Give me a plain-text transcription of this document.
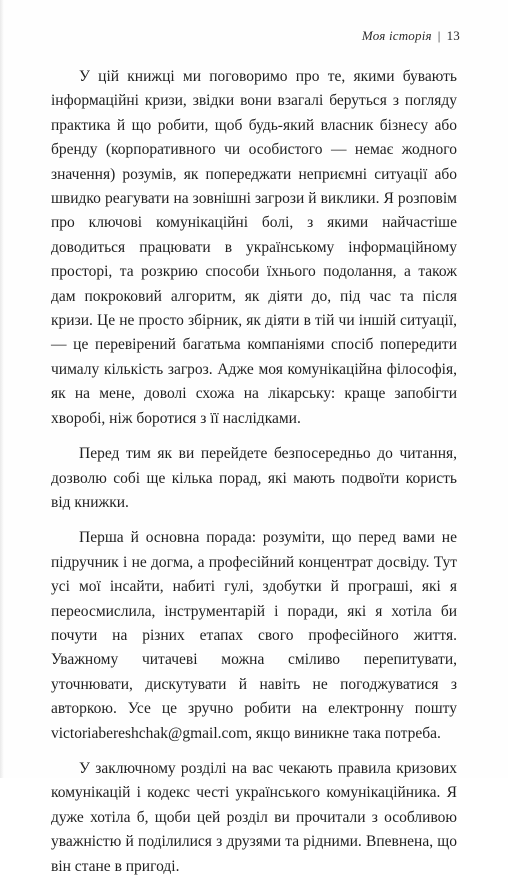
Моя історія | 13

У цій книжці ми поговоримо про те, якими бувають інформаційні кризи, звідки вони взагалі беруться з погляду практика й що робити, щоб будь-який власник бізнесу або бренду (корпоративного чи особистого — немає жодного значення) розумів, як попереджати неприємні ситуації або швидко реагувати на зовнішні загрози й виклики. Я розповім про ключові комунікаційні болі, з якими найчастіше доводиться працювати в українському інформаційному просторі, та розкрию способи їхнього подолання, а також дам покроковий алгоритм, як діяти до, під час та після кризи. Це не просто збірник, як діяти в тій чи іншій ситуації, — це перевірений багатьма компаніями спосіб попередити чималу кількість загроз. Адже моя комунікаційна філософія, як на мене, доволі схожа на лікарську: краще запобігти хворобі, ніж боротися з її наслідками.

Перед тим як ви перейдете безпосередньо до читання, дозволю собі ще кілька порад, які мають подвоїти користь від книжки.

Перша й основна порада: розуміти, що перед вами не підручник і не догма, а професійний концентрат досвіду. Тут усі мої інсайти, набиті гулі, здобутки й програші, які я переосмислила, інструментарій і поради, які я хотіла би почути на різних етапах свого професійного життя. Уважному читачеві можна сміливо перепитувати, уточнювати, дискутувати й навіть не погоджуватися з авторкою. Усе це зручно робити на електронну пошту victoriabereshchak@gmail.com, якщо виникне така потреба.

У заключному розділі на вас чекають правила кризових комунікацій і кодекс честі українського комунікаційника. Я дуже хотіла б, щоби цей розділ ви прочитали з особливою уважністю й поділилися з друзями та рідними. Впевнена, що він стане в пригоді.
